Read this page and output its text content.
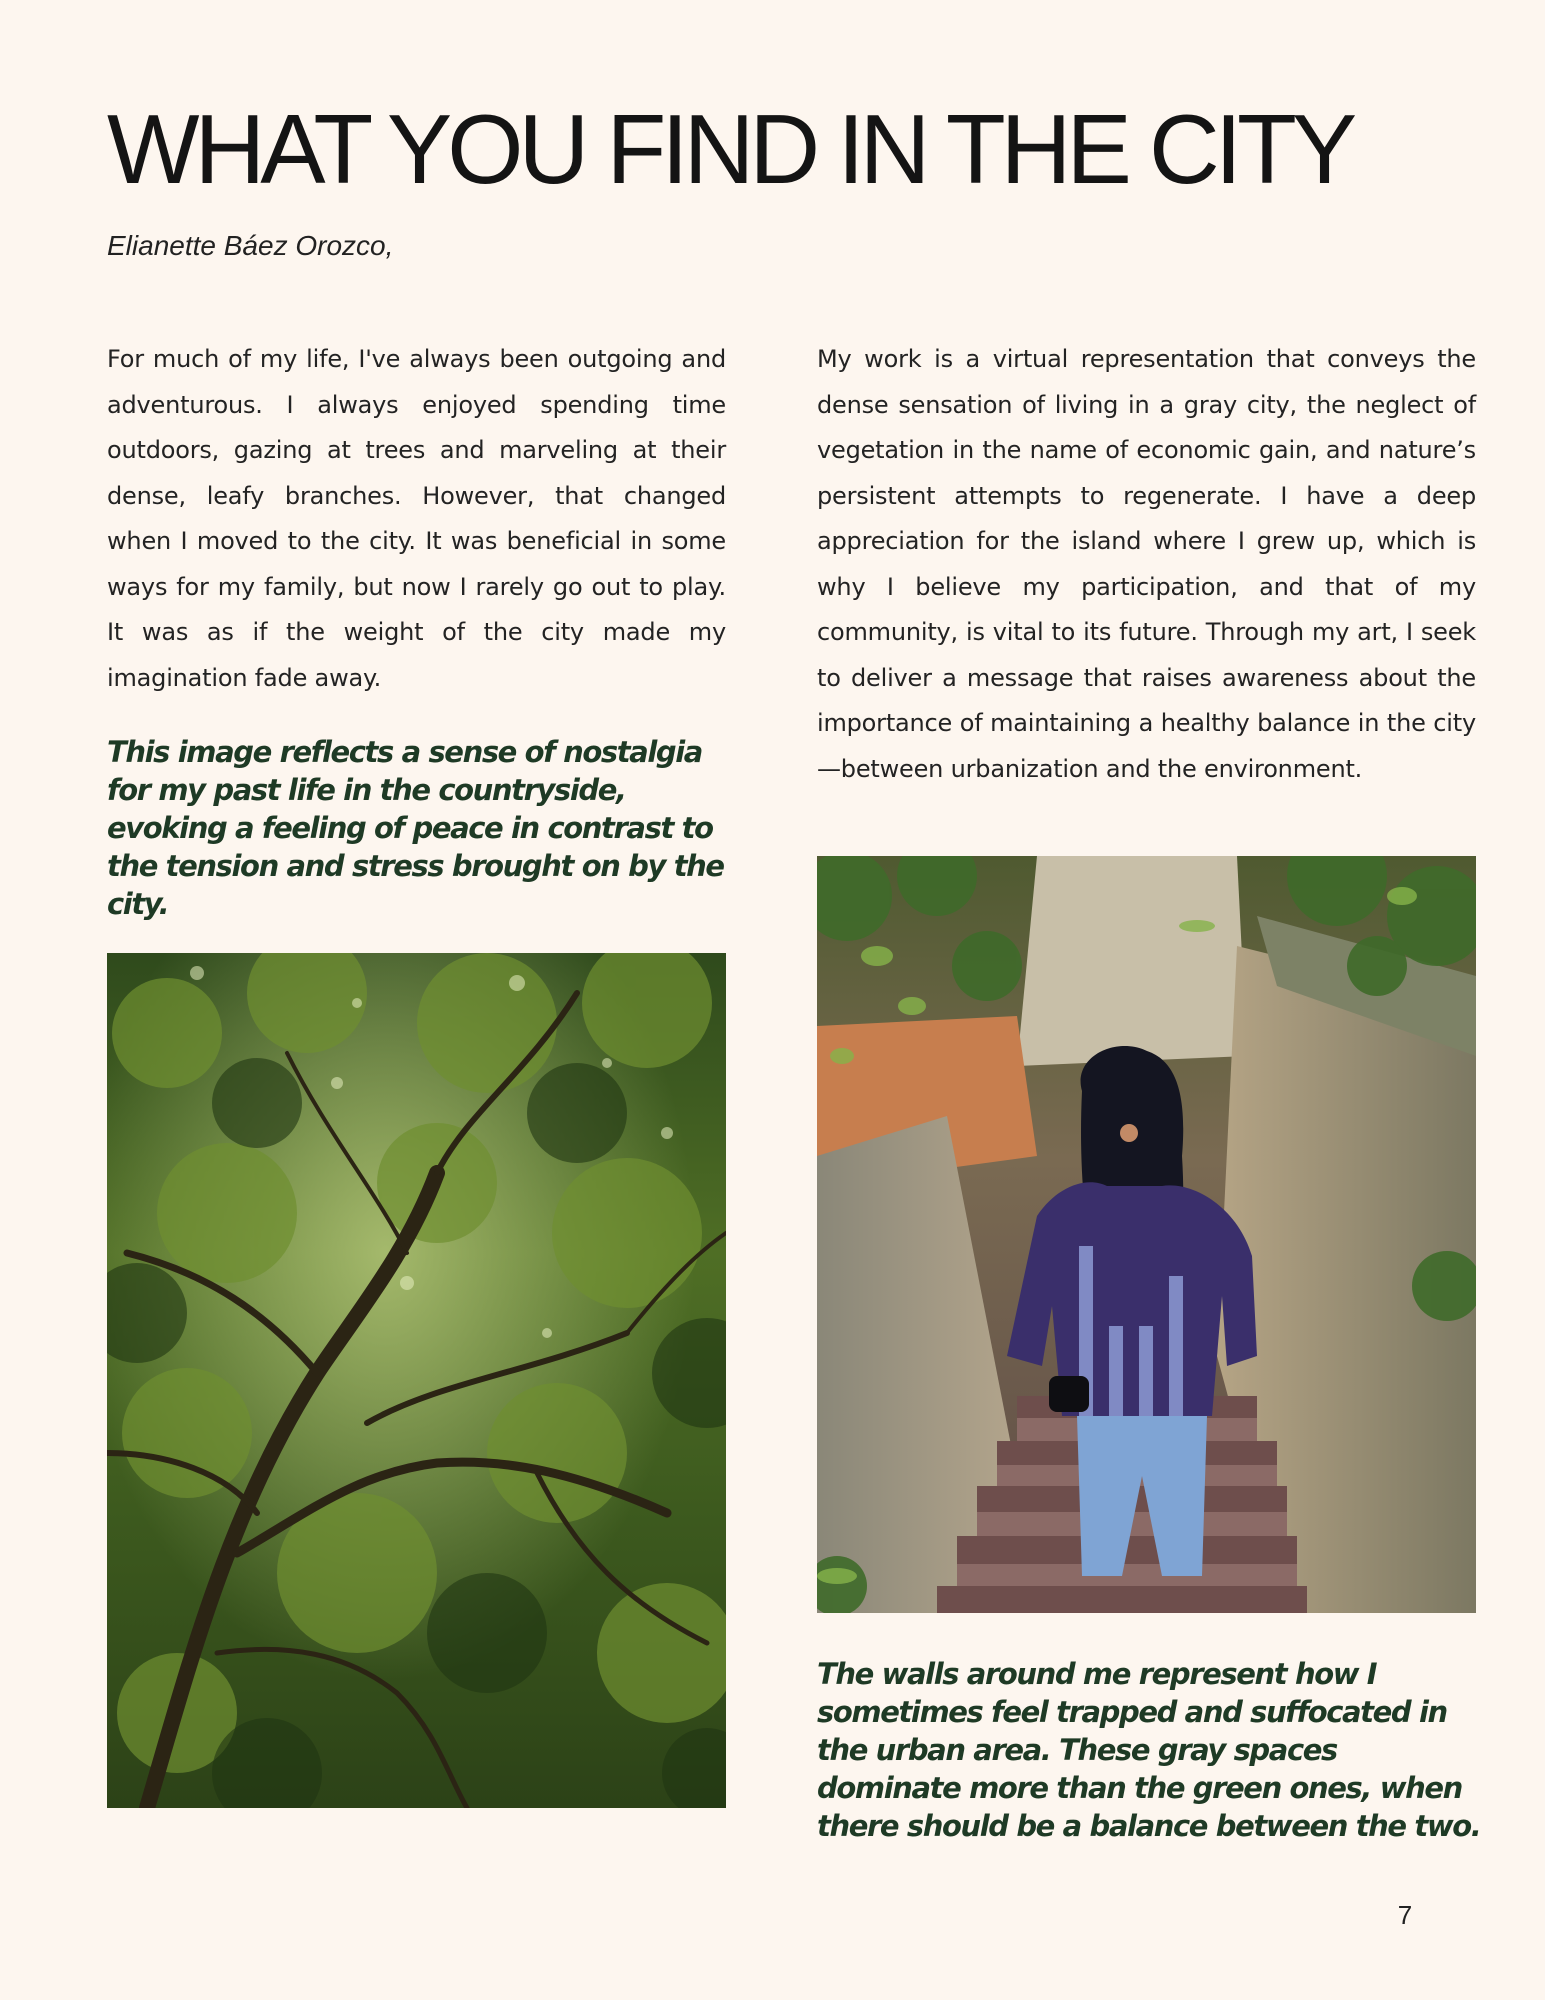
WHAT YOU FIND IN THE CITY

Elianette Báez Orozco,

For much of my life, I've always been outgoing and adventurous. I always enjoyed spending time outdoors, gazing at trees and marveling at their dense, leafy branches. However, that changed when I moved to the city. It was beneficial in some ways for my family, but now I rarely go out to play. It was as if the weight of the city made my imagination fade away.

My work is a virtual representation that conveys the dense sensation of living in a gray city, the neglect of vegetation in the name of economic gain, and nature’s persistent attempts to regenerate. I have a deep appreciation for the island where I grew up, which is why I believe my participation, and that of my community, is vital to its future. Through my art, I seek to deliver a message that raises awareness about the importance of maintaining a healthy balance in the city—between urbanization and the environment.

This image reflects a sense of nostalgia for my past life in the countryside, evoking a feeling of peace in contrast to the tension and stress brought on by the city.

The walls around me represent how I sometimes feel trapped and suffocated in the urban area. These gray spaces dominate more than the green ones, when there should be a balance between the two.

7
